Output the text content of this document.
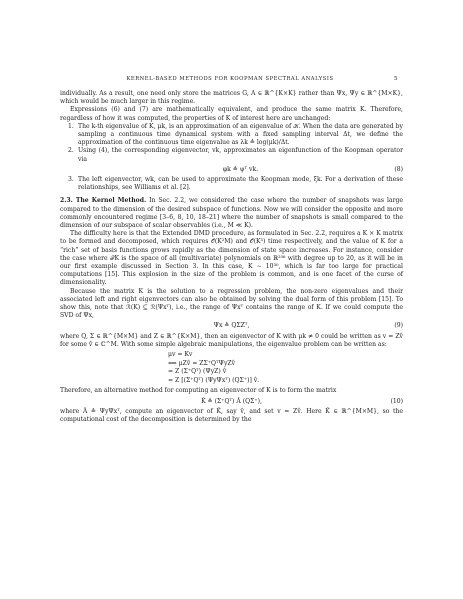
KERNEL-BASED METHODS FOR KOOPMAN SPECTRAL ANALYSIS	5

individually. As a result, one need only store the matrices G, A ∈ ℝ^{K×K} rather than Ψx, Ψy ∈ ℝ^{M×K}, which would be much larger in this regime.

Expressions (6) and (7) are mathematically equivalent, and produce the same matrix K. Therefore, regardless of how it was computed, the properties of K of interest here are unchanged:

1. The k-th eigenvalue of K, μk, is an approximation of an eigenvalue of 𝒦. When the data are generated by sampling a continuous time dynamical system with a fixed sampling interval Δt, we define the approximation of the continuous time eigenvalue as λk ≜ log(μk)/Δt.
2. Using (4), the corresponding eigenvector, vk, approximates an eigenfunction of the Koopman operator via
φk ≜ ψᵀ vk.	(8)
3. The left eigenvector, wk, can be used to approximate the Koopman mode, ξk. For a derivation of these relationships, see Williams et al. [2].

2.3. The Kernel Method. In Sec. 2.2, we considered the case where the number of snapshots was large compared to the dimension of the desired subspace of functions. Now we will consider the opposite and more commonly encountered regime [3–6, 8, 10, 18–21] where the number of snapshots is small compared to the dimension of our subspace of scalar observables (i.e., M ≪ K).

The difficulty here is that the Extended DMD procedure, as formulated in Sec. 2.2, requires a K × K matrix to be formed and decomposed, which requires 𝒪(K²M) and 𝒪(K³) time respectively, and the value of K for a “rich” set of basis functions grows rapidly as the dimension of state space increases. For instance, consider the case where ℱK is the space of all (multivariate) polynomials on ℝ²⁵⁶ with degree up to 20, as it will be in our first example discussed in Section 3. In this case, K ∼ 10³⁰, which is far too large for practical computations [15]. This explosion in the size of the problem is common, and is one facet of the curse of dimensionality.

Because the matrix K is the solution to a regression problem, the non-zero eigenvalues and their associated left and right eigenvectors can also be obtained by solving the dual form of this problem [15]. To show this, note that ℛ(K) ⊆ ℛ(Ψxᵀ), i.e., the range of Ψxᵀ contains the range of K. If we could compute the SVD of Ψx,

Ψx ≜ QΣZᵀ,	(9)

where Q, Σ ∈ ℝ^{M×M} and Z ∈ ℝ^{K×M}, then an eigenvector of K with μk ≠ 0 could be written as v = Zv̂ for some v̂ ∈ ℂ^M. With some simple algebraic manipulations, the eigenvalue problem can be written as:

μv = Kv
⟺ μZv̂ = ZΣ⁺QᵀΨyZv̂
= Z (Σ⁺Qᵀ) (ΨyZ) v̂
= Z [(Σ⁺Qᵀ) (ΨyΨxᵀ) (QΣ⁺)] v̂.

Therefore, an alternative method for computing an eigenvector of K is to form the matrix

K̂ ≜ (Σ⁺Qᵀ) Â (QΣ⁺),	(10)

where Â ≜ ΨyΨxᵀ, compute an eigenvector of K̂, say v̂, and set v = Zv̂. Here K̂ ∈ ℝ^{M×M}, so the computational cost of the decomposition is determined by the
